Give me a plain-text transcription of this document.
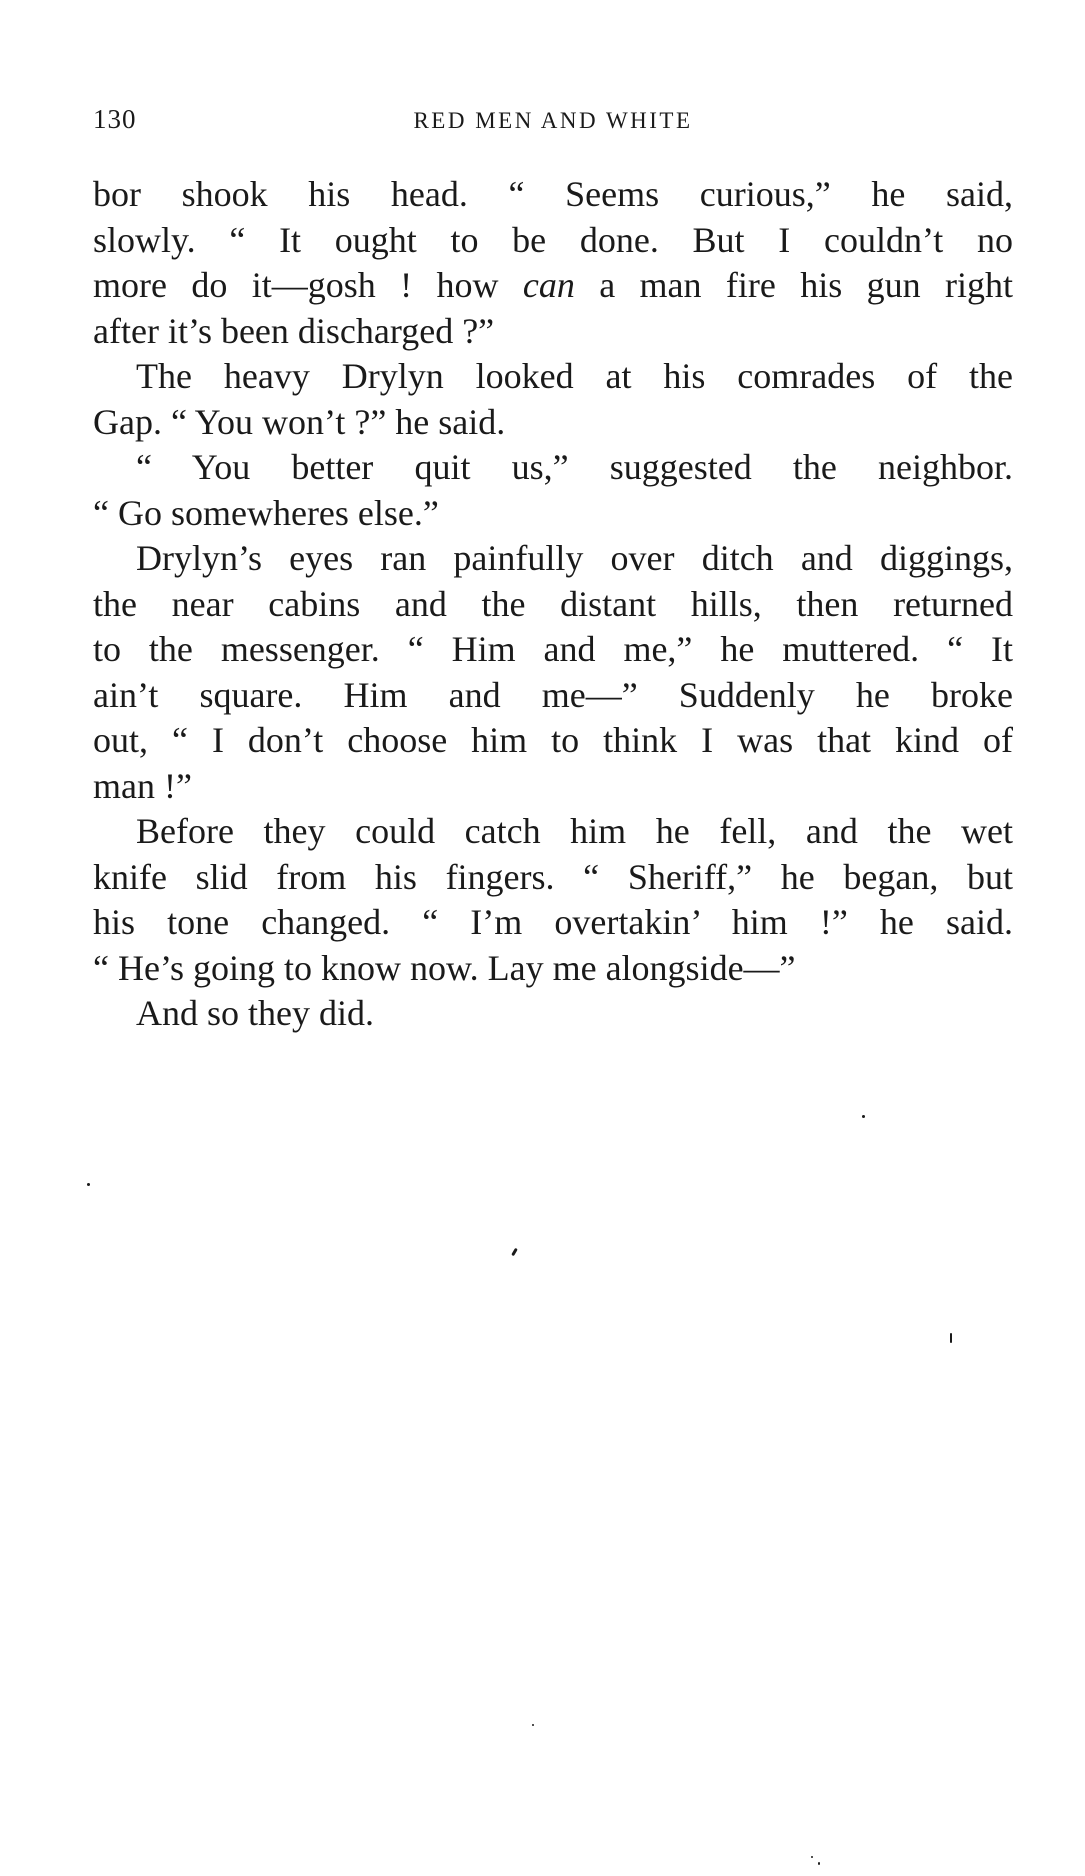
130	RED MEN AND WHITE
bor shook his head. “ Seems curious,” he said,
slowly. “ It ought to be done. But I couldn’t no
more do it—gosh ! how can a man fire his gun right
after it’s been discharged ?”
The heavy Drylyn looked at his comrades of the
Gap. “ You won’t ?” he said.
“ You better quit us,” suggested the neighbor.
“ Go somewheres else.”
Drylyn’s eyes ran painfully over ditch and diggings,
the near cabins and the distant hills, then returned
to the messenger. “ Him and me,” he muttered. “ It
ain’t square. Him and me—” Suddenly he broke
out, “ I don’t choose him to think I was that kind of
man !”
Before they could catch him he fell, and the wet
knife slid from his fingers. “ Sheriff,” he began, but
his tone changed. “ I’m overtakin’ him !” he said.
“ He’s going to know now. Lay me alongside—”
And so they did.
